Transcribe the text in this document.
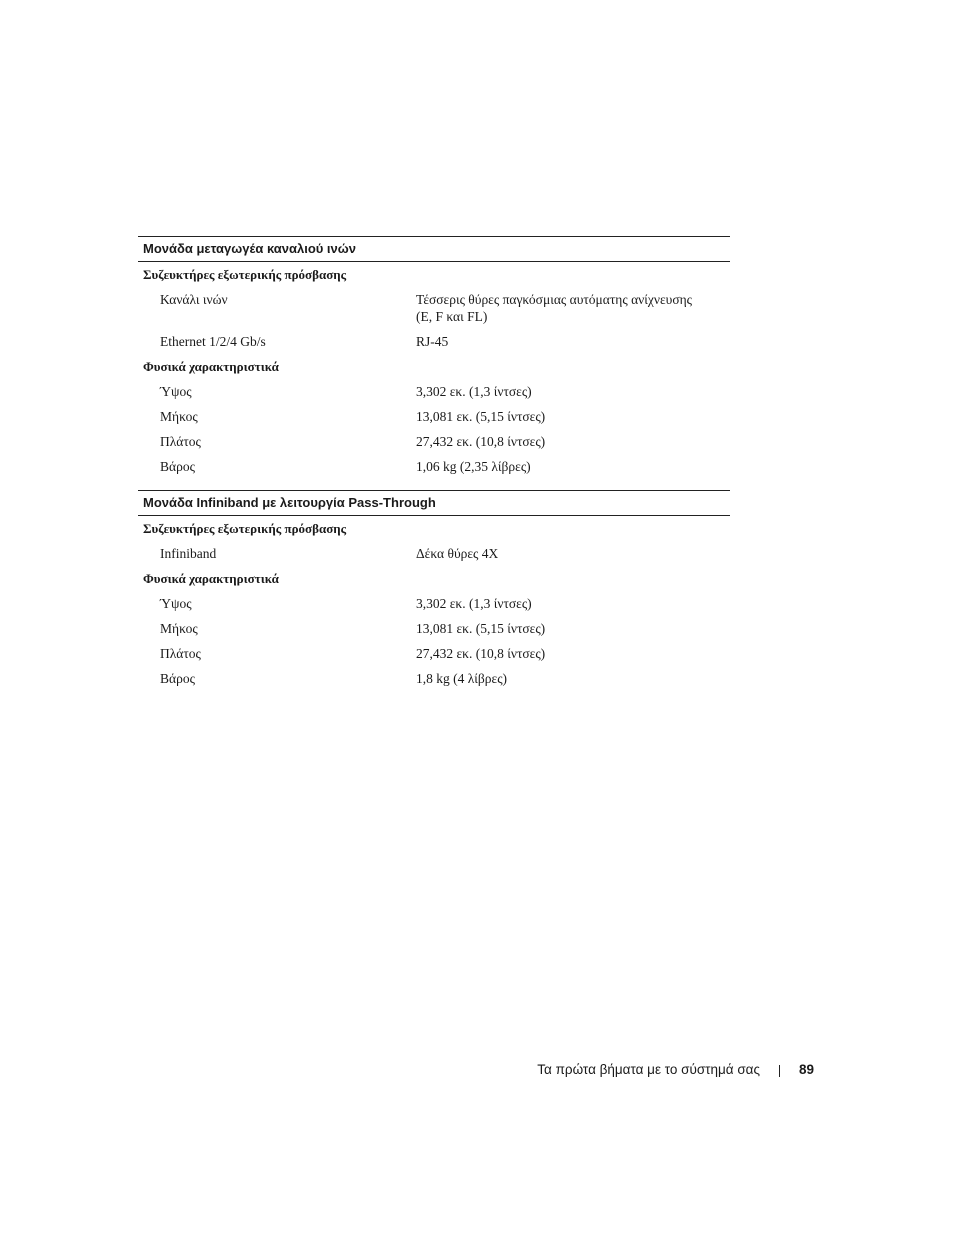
Μονάδα μεταγωγέα καναλιού ινών
Συζευκτήρες εξωτερικής πρόσβασης
Κανάλι ινών	Τέσσερις θύρες παγκόσμιας αυτόματης ανίχνευσης (E, F και FL)
Ethernet 1/2/4 Gb/s	RJ-45
Φυσικά χαρακτηριστικά
Ύψος	3,302 εκ. (1,3 ίντσες)
Μήκος	13,081 εκ. (5,15 ίντσες)
Πλάτος	27,432 εκ. (10,8 ίντσες)
Βάρος	1,06 kg (2,35 λίβρες)
Μονάδα Infiniband με λειτουργία Pass-Through
Συζευκτήρες εξωτερικής πρόσβασης
Infiniband	Δέκα θύρες 4X
Φυσικά χαρακτηριστικά
Ύψος	3,302 εκ. (1,3 ίντσες)
Μήκος	13,081 εκ. (5,15 ίντσες)
Πλάτος	27,432 εκ. (10,8 ίντσες)
Βάρος	1,8 kg (4 λίβρες)
Τα πρώτα βήματα με το σύστημά σας	89
